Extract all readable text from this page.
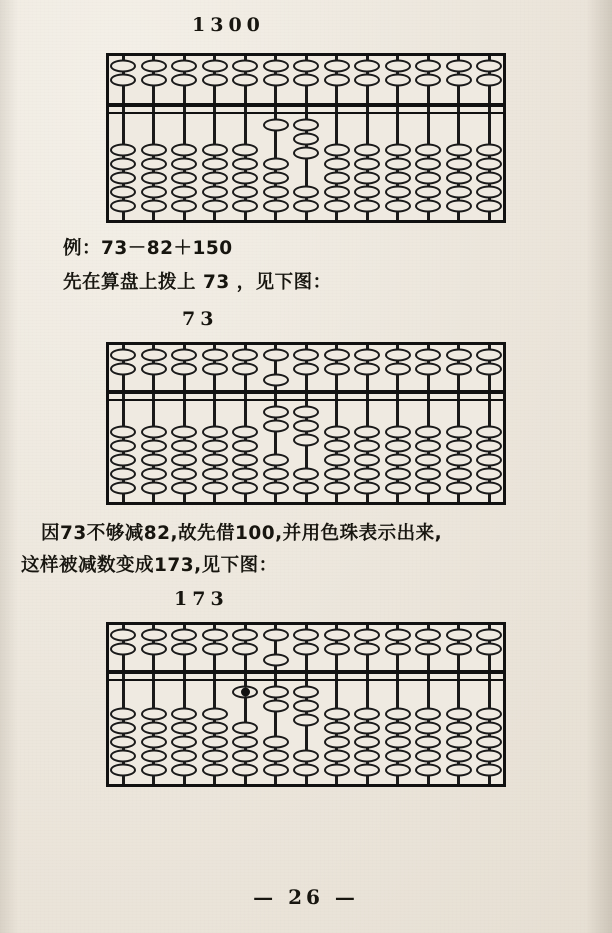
1300
例：73－82＋150
先在算盘上拨上 73 ，见下图：
73
因73不够减82,故先借100,并用色珠表示出来,
这样被减数变成173,见下图：
173
— 26 —
